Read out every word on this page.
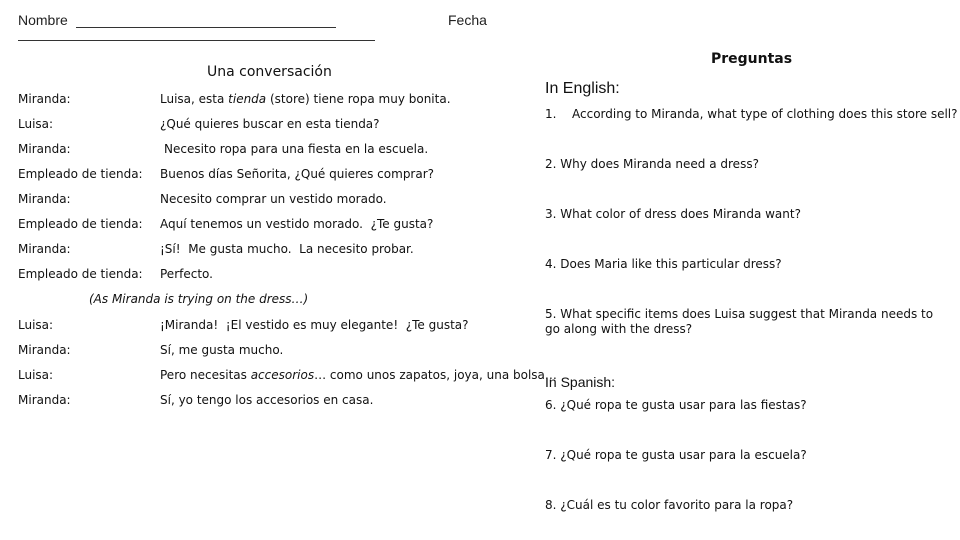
Nombre	Fecha
Una conversación
Miranda:	Luisa, esta tienda (store) tiene ropa muy bonita.
Luisa:	¿Qué quieres buscar en esta tienda?
Miranda:	Necesito ropa para una fiesta en la escuela.
Empleado de tienda: Buenos días Señorita, ¿Qué quieres comprar?
Miranda:	Necesito comprar un vestido morado.
Empleado de tienda: Aquí tenemos un vestido morado.  ¿Te gusta?
Miranda:	¡Sí!  Me gusta mucho.  La necesito probar.
Empleado de tienda: Perfecto.
(As Miranda is trying on the dress…)
Luisa:	¡Miranda!  ¡El vestido es muy elegante!  ¿Te gusta?
Miranda:	Sí, me gusta mucho.
Luisa:	Pero necesitas accesorios… como unos zapatos, joya, una bolsa…
Miranda:	Sí, yo tengo los accesorios en casa.
Preguntas
In English:
1. According to Miranda, what type of clothing does this store sell?
2. Why does Miranda need a dress?
3. What color of dress does Miranda want?
4. Does Maria like this particular dress?
5. What specific items does Luisa suggest that Miranda needs to go along with the dress?
In Spanish:
6. ¿Qué ropa te gusta usar para las fiestas?
7. ¿Qué ropa te gusta usar para la escuela?
8. ¿Cuál es tu color favorito para la ropa?
